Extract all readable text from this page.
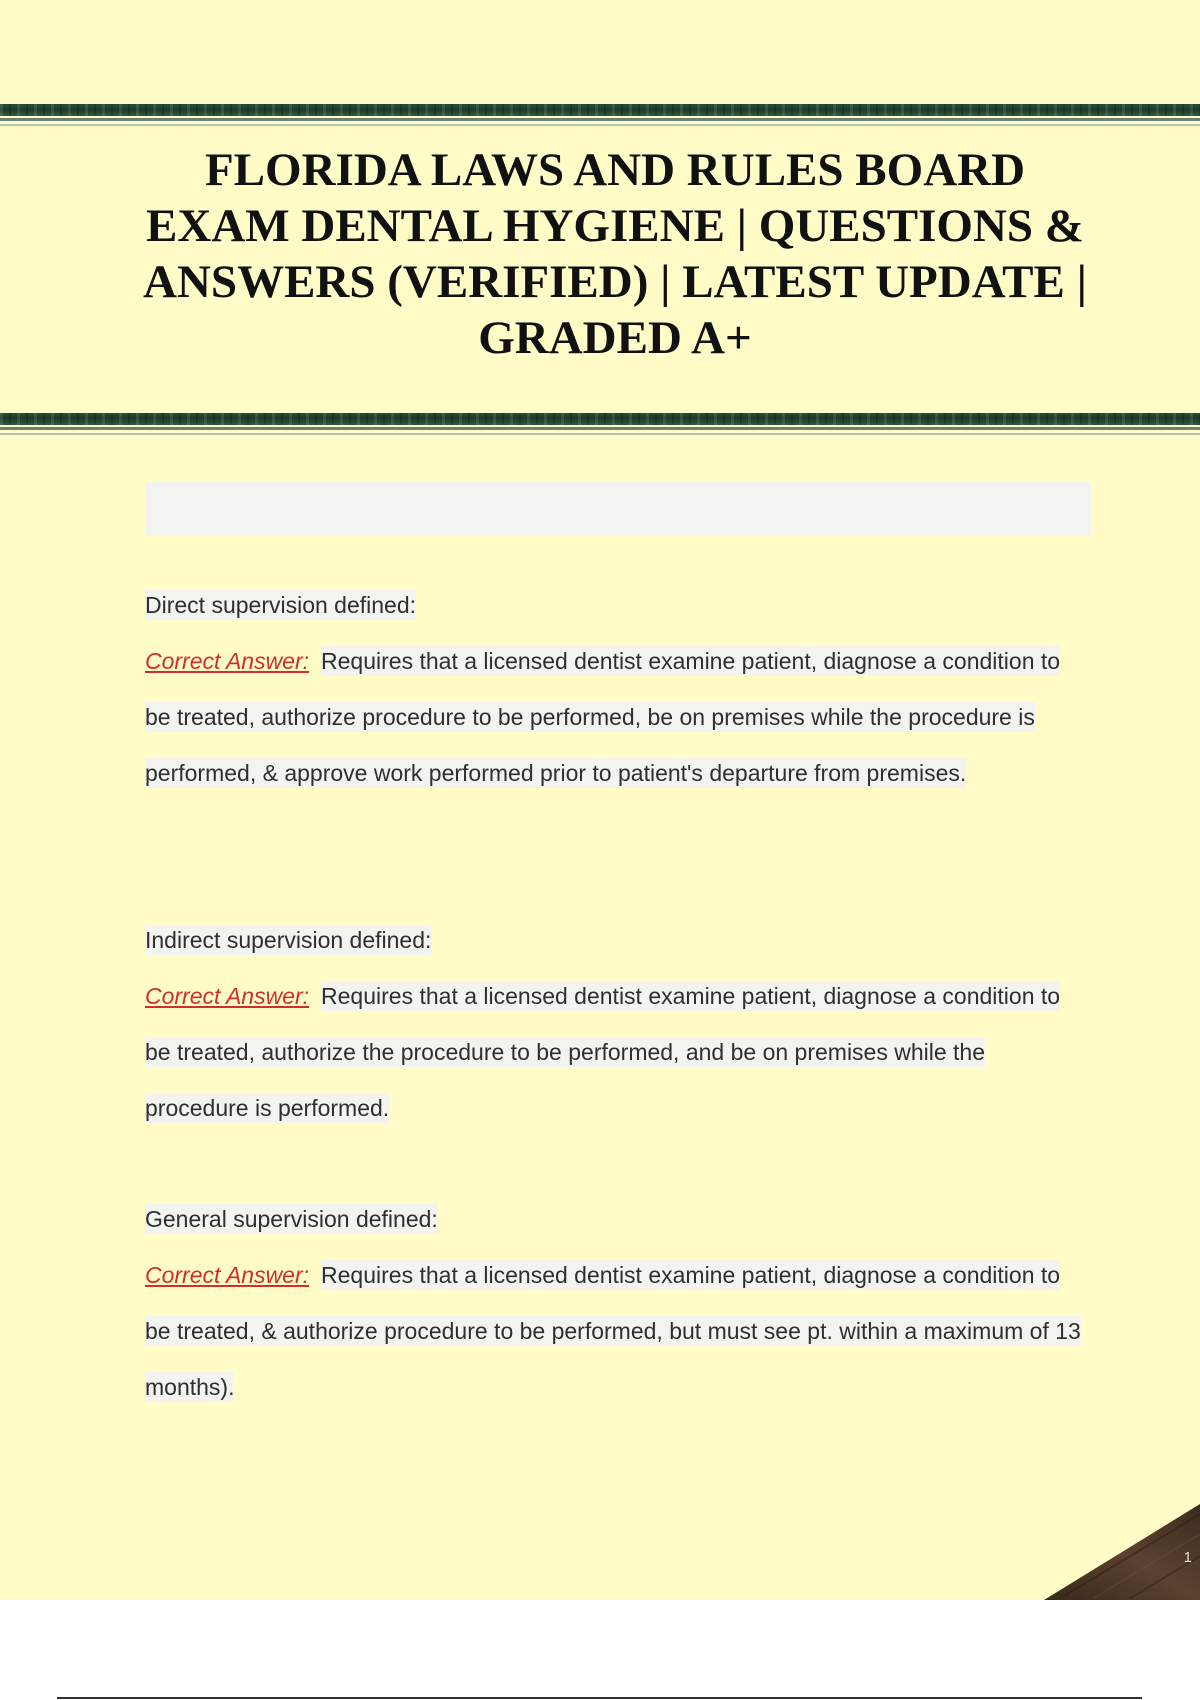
FLORIDA LAWS AND RULES BOARD EXAM DENTAL HYGIENE | QUESTIONS & ANSWERS (VERIFIED) | LATEST UPDATE | GRADED A+

Direct supervision defined:

Correct Answer: Requires that a licensed dentist examine patient, diagnose a condition to be treated, authorize procedure to be performed, be on premises while the procedure is performed, & approve work performed prior to patient's departure from premises.

Indirect supervision defined:

Correct Answer: Requires that a licensed dentist examine patient, diagnose a condition to be treated, authorize the procedure to be performed, and be on premises while the procedure is performed.

General supervision defined:

Correct Answer: Requires that a licensed dentist examine patient, diagnose a condition to be treated, & authorize procedure to be performed, but must see pt. within a maximum of 13 months).

1
